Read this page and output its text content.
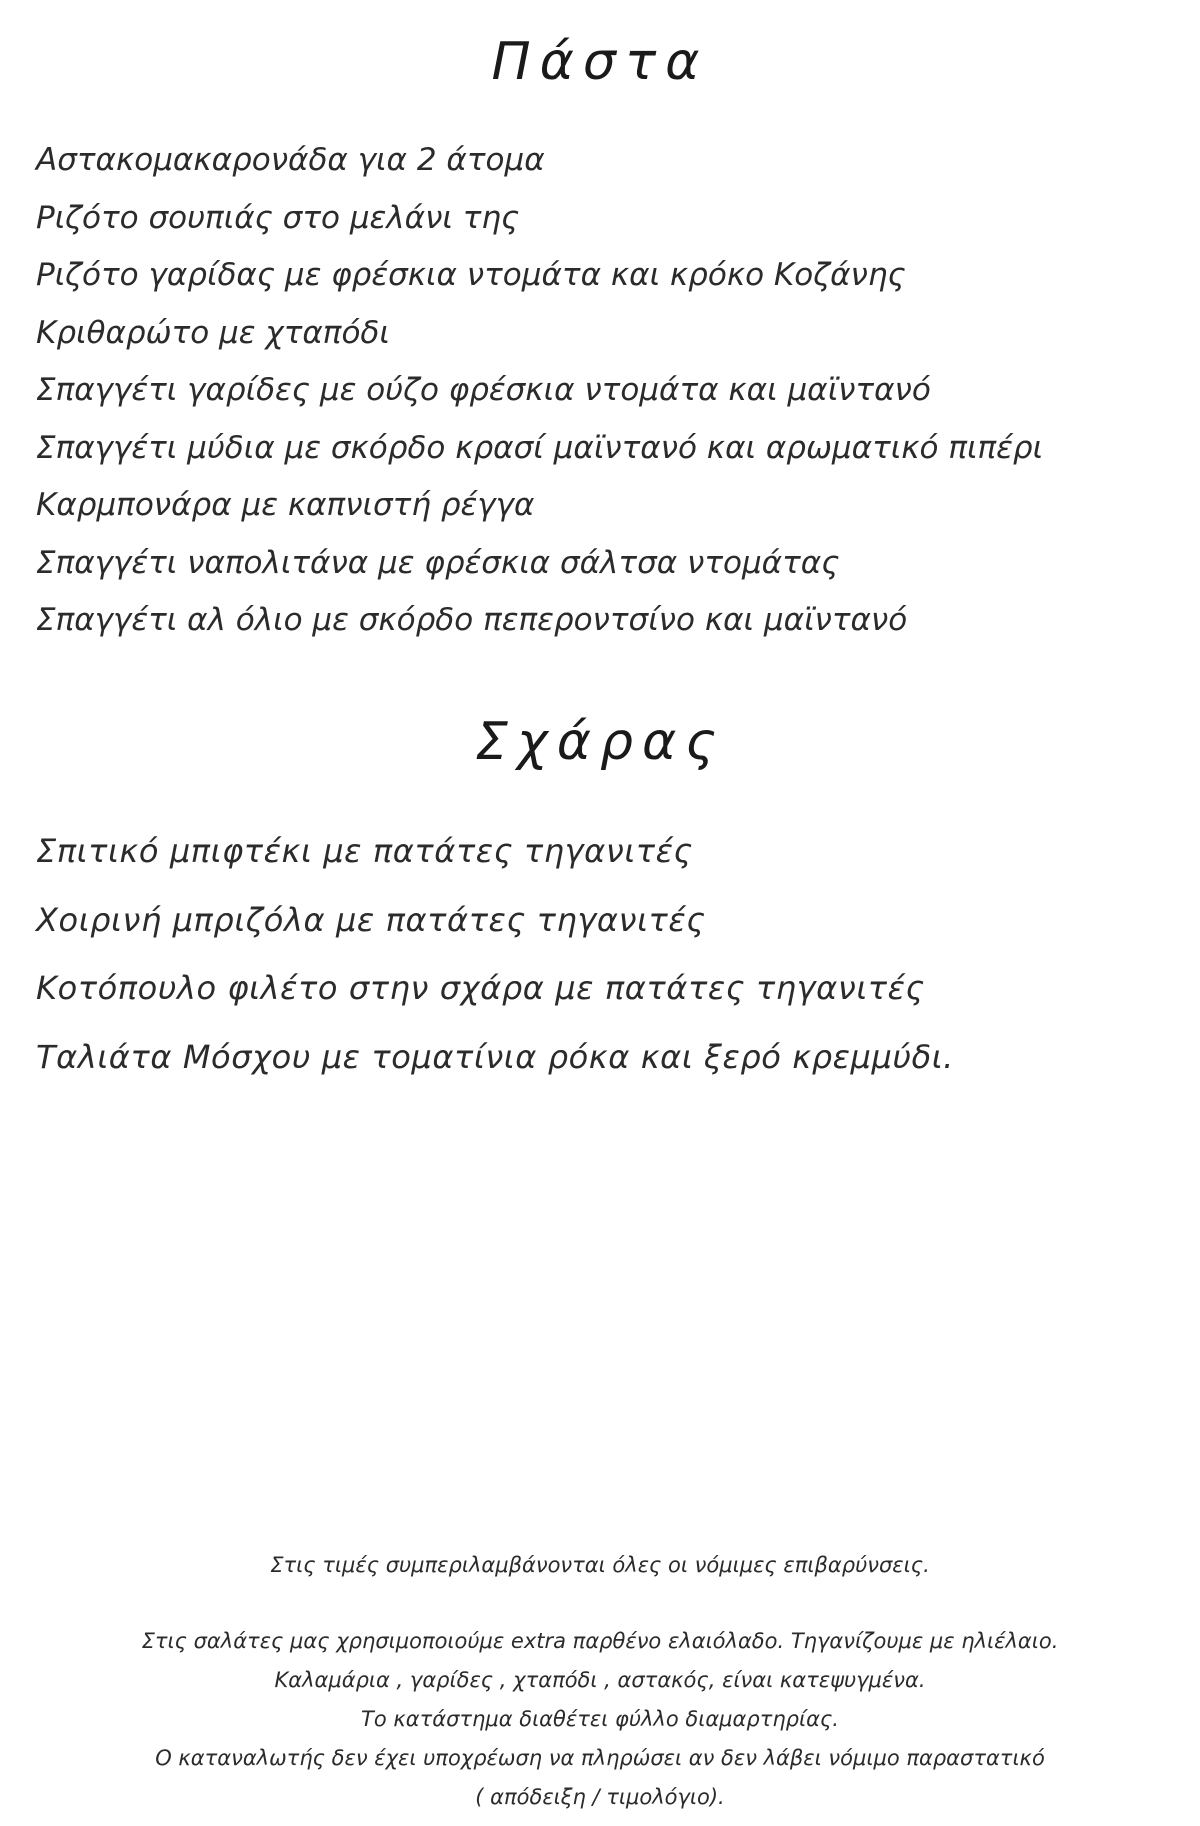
Πάστα
Αστακομακαρονάδα για 2 άτομα
Ριζότο σουπιάς στο μελάνι της
Ριζότο γαρίδας με φρέσκια ντομάτα και κρόκο Κοζάνης
Κριθαρώτο με χταπόδι
Σπαγγέτι γαρίδες με ούζο φρέσκια ντομάτα και μαϊντανό
Σπαγγέτι μύδια με σκόρδο κρασί μαϊντανό και αρωματικό πιπέρι
Καρμπονάρα με καπνιστή ρέγγα
Σπαγγέτι ναπολιτάνα με φρέσκια σάλτσα ντομάτας
Σπαγγέτι αλ όλιο με σκόρδο πεπεροντσίνο και μαϊντανό
Σχάρας
Σπιτικό μπιφτέκι με πατάτες τηγανιτές
Χοιρινή μπριζόλα με πατάτες τηγανιτές
Κοτόπουλο φιλέτο στην σχάρα με πατάτες τηγανιτές
Ταλιάτα Μόσχου με τοματίνια ρόκα και ξερό κρεμμύδι.

Στις τιμές συμπεριλαμβάνονται όλες οι νόμιμες επιβαρύνσεις.

Στις σαλάτες μας χρησιμοποιούμε extra παρθένο ελαιόλαδο. Τηγανίζουμε με ηλιέλαιο.

Καλαμάρια , γαρίδες , χταπόδι , αστακός, είναι κατεψυγμένα.

Το κατάστημα διαθέτει φύλλο διαμαρτηρίας.

Ο καταναλωτής δεν έχει υποχρέωση να πληρώσει αν δεν λάβει νόμιμο παραστατικό

( απόδειξη / τιμολόγιο).
